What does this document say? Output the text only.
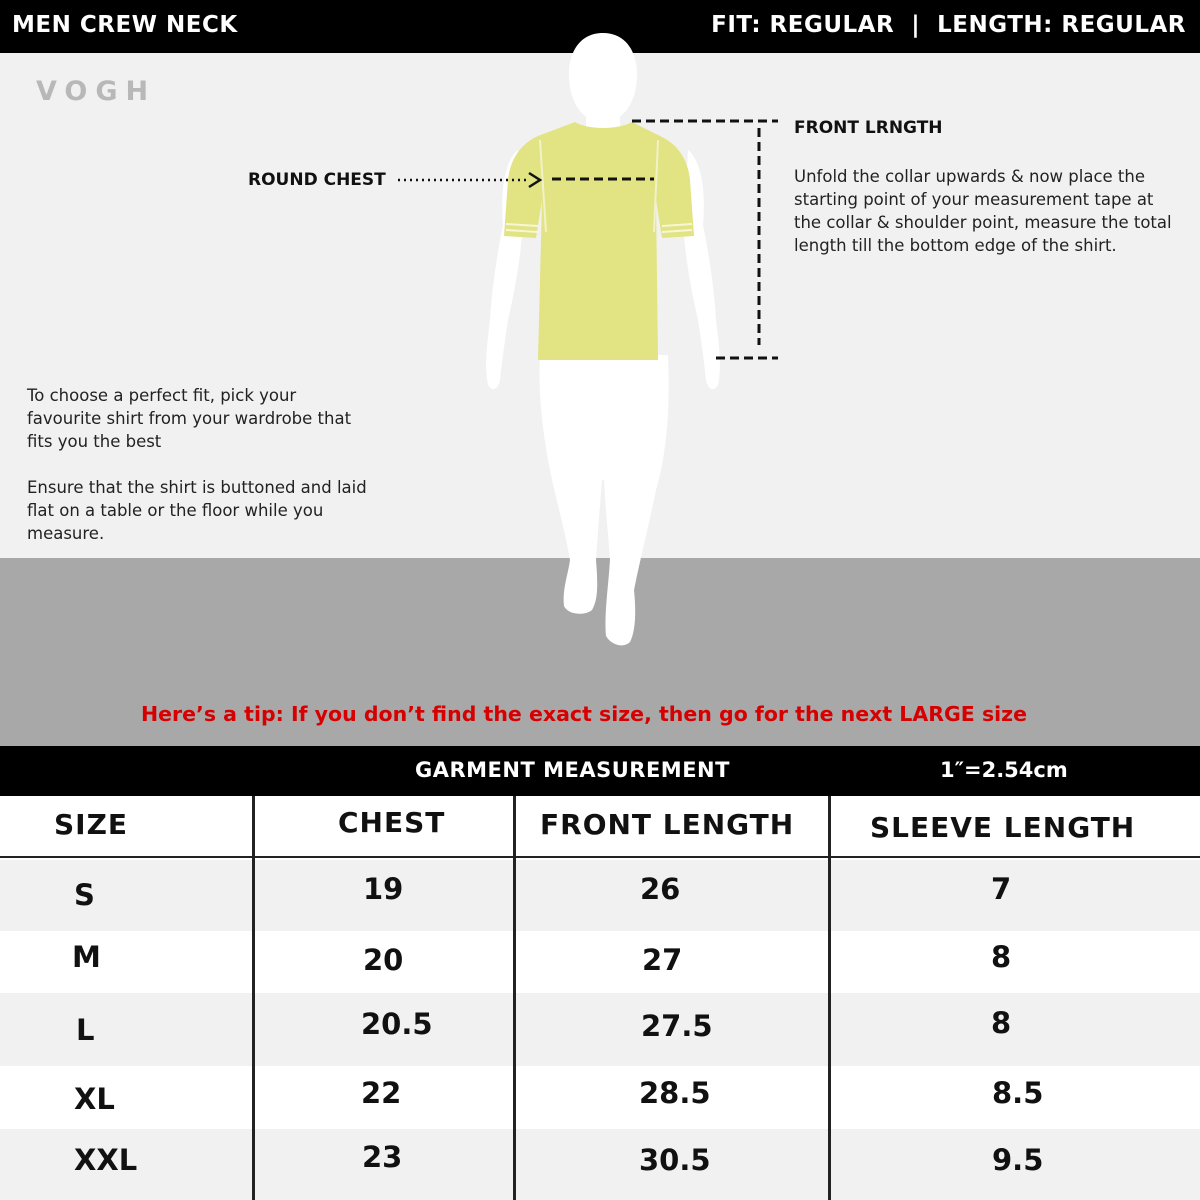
MEN CREW NECK	FIT: REGULAR  |  LENGTH: REGULAR
VOGH
ROUND CHEST
FRONT LRNGTH
Unfold the collar upwards & now place the starting point of your measurement tape at the collar & shoulder point, measure the total length till the bottom edge of the shirt.

To choose a perfect fit, pick your favourite shirt from your wardrobe that fits you the best

Ensure that the shirt is buttoned and laid flat on a table or the floor while you measure.

Here’s a tip: If you don’t find the exact size, then go for the next LARGE size
GARMENT MEASUREMENT	1″=2.54cm
SIZE	CHEST	FRONT LENGTH	SLEEVE LENGTH
S	19	26	7
M	20	27	8
L	20.5	27.5	8
XL	22	28.5	8.5
XXL	23	30.5	9.5
